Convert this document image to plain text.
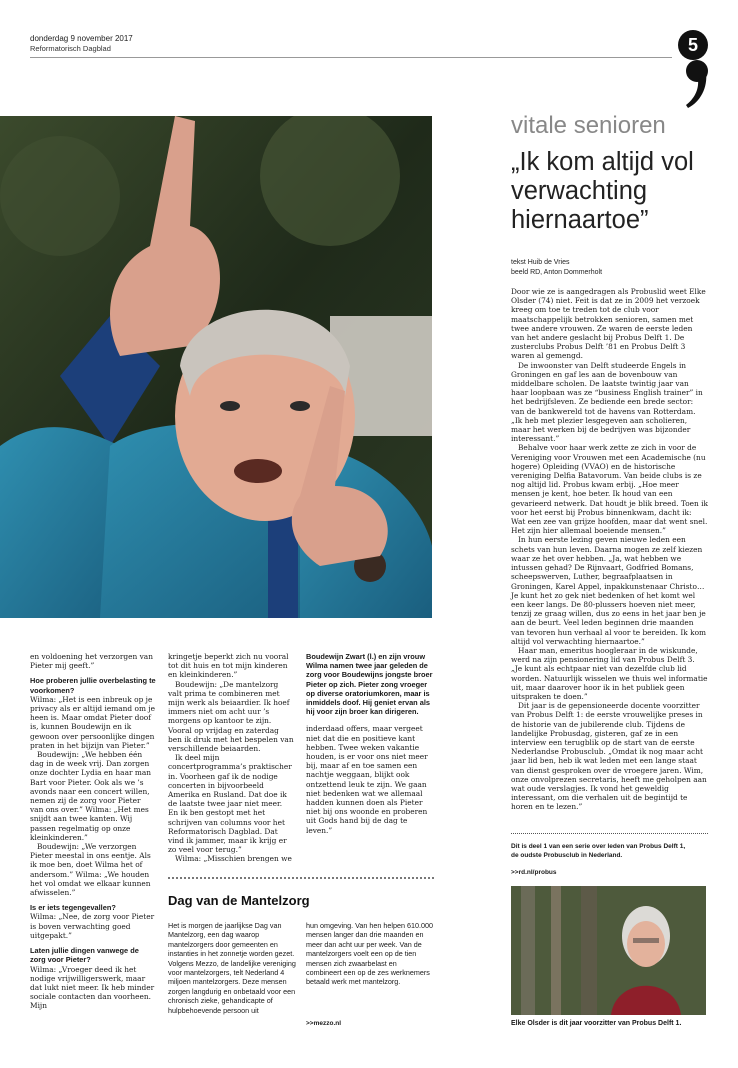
donderdag 9 november 2017
Reformatorisch Dagblad	5
vitale senioren
„Ik kom altijd vol verwachting hiernaartoe”
tekst Huib de Vries
beeld RD, Anton Dommerholt

Door wie ze is aangedragen als Probuslid weet Elke Olsder (74) niet. Feit is dat ze in 2009 het verzoek kreeg om toe te treden tot de club voor maatschappelijk betrokken senioren, samen met twee andere vrouwen. Ze waren de eerste leden van het andere geslacht bij Probus Delft 1. De zusterclubs Probus Delft ’81 en Probus Delft 3 waren al gemengd.

De inwoonster van Delft studeerde Engels in Groningen en gaf les aan de bovenbouw van middelbare scholen. De laatste twintig jaar van haar loopbaan was ze “business English trainer” in het bedrijfsleven. Ze bediende een brede sector: van de bankwereld tot de havens van Rotterdam. „Ik heb met plezier lesgegeven aan scholieren, maar het werken bij de bedrijven was bijzonder interessant.”

Behalve voor haar werk zette ze zich in voor de Vereniging voor Vrouwen met een Academische (nu hogere) Opleiding (VVAO) en de historische vereniging Delfia Batavorum. Van beide clubs is ze nog altijd lid. Probus kwam erbij. „Hoe meer mensen je kent, hoe beter. Ik houd van een gevarieerd netwerk. Dat houdt je blik breed. Toen ik voor het eerst bij Probus binnenkwam, dacht ik: Wat een zee van grijze hoofden, maar dat went snel. Het zijn hier allemaal boeiende mensen.”

In hun eerste lezing geven nieuwe leden een schets van hun leven. Daarna mogen ze zelf kiezen waar ze het over hebben. „Ja, wat hebben we intussen gehad? De Rijnvaart, Godfried Bomans, scheepswerven, Luther, begraafplaatsen in Groningen, Karel Appel, inpakkunstenaar Christo… Je kunt het zo gek niet bedenken of het komt wel een keer langs. De 80-plussers hoeven niet meer, tenzij ze graag willen, dus zo eens in het jaar ben je aan de beurt. Veel leden beginnen drie maanden van tevoren hun verhaal al voor te bereiden. Ik kom altijd vol verwachting hiernaartoe.”

Haar man, emeritus hoogleraar in de wiskunde, werd na zijn pensionering lid van Probus Delft 3. „Je kunt als echtpaar niet van dezelfde club lid worden. Natuurlijk wisselen we thuis wel informatie uit, maar daarover hoor ik in het publiek geen uitspraken te doen.”

Dit jaar is de gepensioneerde docente voorzitter van Probus Delft 1: de eerste vrouwelijke preses in de historie van de jubilerende club. Tijdens de landelijke Probusdag, gisteren, gaf ze in een interview een terugblik op de start van de eerste Nederlandse Probusclub. „Omdat ik nog maar acht jaar lid ben, heb ik wat leden met een lange staat van dienst gesproken over de vroegere jaren. Wim, onze onvolprezen secretaris, heeft me geholpen aan wat oude verslagjes. Ik vond het geweldig interessant, om die verhalen uit de begintijd te horen en te lezen.”

Dit is deel 1 van een serie over leden van Probus Delft 1,
de oudste Probusclub in Nederland.
>>rd.nl/probus
Elke Olsder is dit jaar voorzitter van Probus Delft 1.

en voldoening het verzorgen van Pieter mij geeft.”

Hoe proberen jullie overbelasting te voorkomen?

Wilma: „Het is een inbreuk op je privacy als er altijd iemand om je heen is. Maar omdat Pieter doof is, kunnen Boudewijn en ik gewoon over persoonlijke dingen praten in het bijzijn van Pieter.”

Boudewijn: „We hebben één dag in de week vrij. Dan zorgen onze dochter Lydia en haar man Bart voor Pieter. Ook als we ’s avonds naar een concert willen, nemen zij de zorg voor Pieter van ons over.” Wilma: „Het mes snijdt aan twee kanten. Wij passen regelmatig op onze kleinkinderen.”

Boudewijn: „We verzorgen Pieter meestal in ons eentje. Als ik moe ben, doet Wilma het of andersom.” Wilma: „We houden het vol omdat we elkaar kunnen afwisselen.”

Is er iets tegengevallen?

Wilma: „Nee, de zorg voor Pieter is boven verwachting goed uitgepakt.”

Laten jullie dingen vanwege de zorg voor Pieter?

Wilma: „Vroeger deed ik het nodige vrijwilligerswerk, maar dat lukt niet meer. Ik heb minder sociale contacten dan voorheen. Mijn

kringetje beperkt zich nu vooral tot dit huis en tot mijn kinderen en kleinkinderen.”

Boudewijn: „De mantelzorg valt prima te combineren met mijn werk als beiaardier. Ik hoef immers niet om acht uur ’s morgens op kantoor te zijn. Vooral op vrijdag en zaterdag ben ik druk met het bespelen van verschillende beiaarden.

Ik deel mijn concertprogramma’s praktischer in. Voorheen gaf ik de nodige concerten in bijvoorbeeld Amerika en Rusland. Dat doe ik de laatste twee jaar niet meer. En ik ben gestopt met het schrijven van columns voor het Reformatorisch Dagblad. Dat vind ik jammer, maar ik krijg er zo veel voor terug.”

Wilma: „Misschien brengen we

Boudewijn Zwart (l.) en zijn vrouw Wilma namen twee jaar geleden de zorg voor Boudewijns jongste broer Pieter op zich. Pieter zong vroeger op diverse oratoriumkoren, maar is inmiddels doof. Hij geniet ervan als hij voor zijn broer kan dirigeren.

inderdaad offers, maar vergeet niet dat die en positieve kant hebben. Twee weken vakantie houden, is er voor ons niet meer bij, maar af en toe samen een nachtje weggaan, blijkt ook ontzettend leuk te zijn. We gaan niet bedenken wat we allemaal hadden kunnen doen als Pieter niet bij ons woonde en proberen uit Gods hand bij de dag te leven.”

Dag van de Mantelzorg

Het is morgen de jaarlijkse Dag van Mantelzorg, een dag waarop mantelzorgers door gemeenten en instanties in het zonnetje worden gezet. Volgens Mezzo, de landelijke vereniging voor mantelzorgers, telt Nederland 4 miljoen mantelzorgers. Deze mensen zorgen langdurig en onbetaald voor een chronisch zieke, gehandicapte of hulpbehoevende persoon uit

hun omgeving. Van hen helpen 610.000 mensen langer dan drie maanden en meer dan acht uur per week. Van de mantelzorgers voelt een op de tien mensen zich zwaarbelast en combineert een op de zes werknemers betaald werk met mantelzorg.

>>mezzo.nl
